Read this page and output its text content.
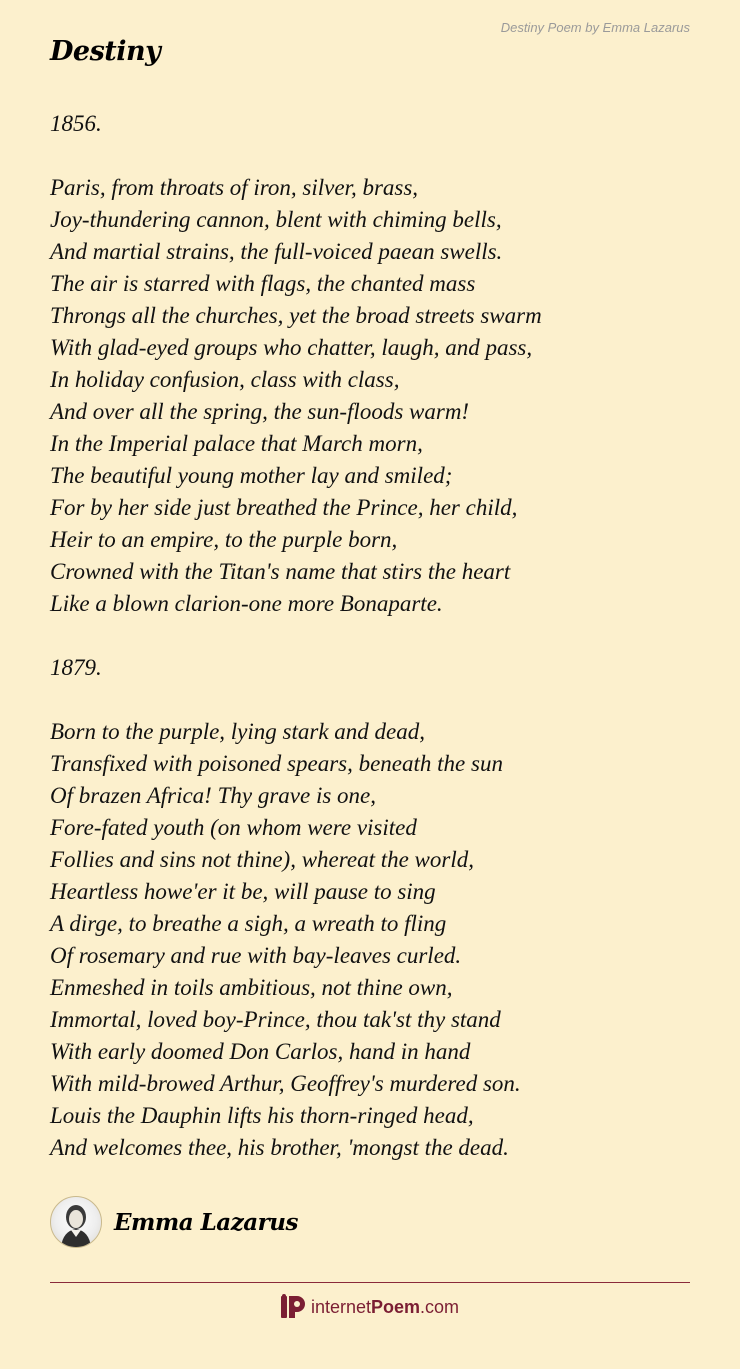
Destiny Poem by Emma Lazarus
Destiny
1856.
Paris, from throats of iron, silver, brass,
Joy-thundering cannon, blent with chiming bells,
And martial strains, the full-voiced paean swells.
The air is starred with flags, the chanted mass
Throngs all the churches, yet the broad streets swarm
With glad-eyed groups who chatter, laugh, and pass,
In holiday confusion, class with class,
And over all the spring, the sun-floods warm!
In the Imperial palace that March morn,
The beautiful young mother lay and smiled;
For by her side just breathed the Prince, her child,
Heir to an empire, to the purple born,
Crowned with the Titan's name that stirs the heart
Like a blown clarion-one more Bonaparte.
1879.
Born to the purple, lying stark and dead,
Transfixed with poisoned spears, beneath the sun
Of brazen Africa! Thy grave is one,
Fore-fated youth (on whom were visited
Follies and sins not thine), whereat the world,
Heartless howe'er it be, will pause to sing
A dirge, to breathe a sigh, a wreath to fling
Of rosemary and rue with bay-leaves curled.
Enmeshed in toils ambitious, not thine own,
Immortal, loved boy-Prince, thou tak'st thy stand
With early doomed Don Carlos, hand in hand
With mild-browed Arthur, Geoffrey's murdered son.
Louis the Dauphin lifts his thorn-ringed head,
And welcomes thee, his brother, 'mongst the dead.
Emma Lazarus
internet Poem .com
